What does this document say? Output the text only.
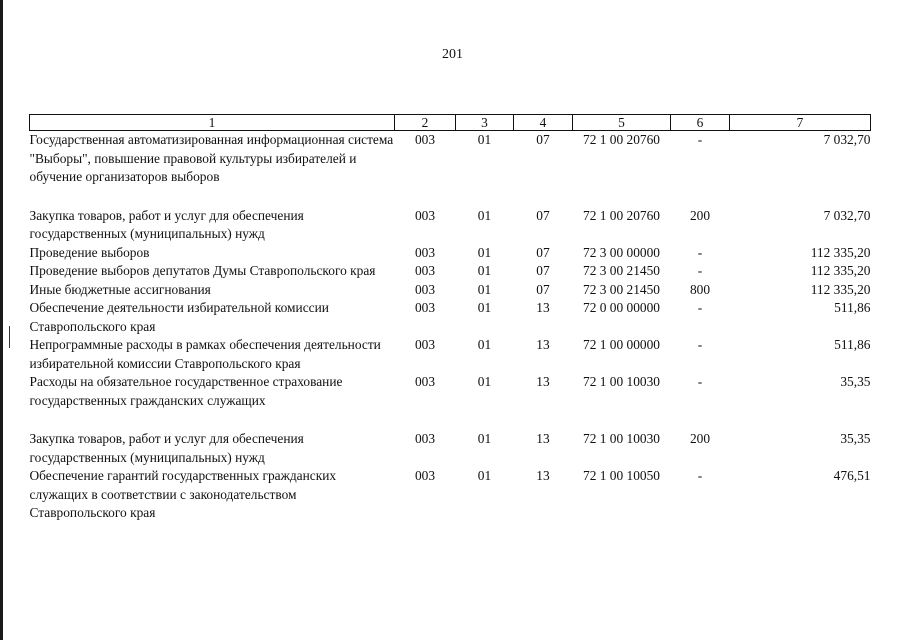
201
1	2	3	4	5	6	7
Государственная автоматизированная информационная система "Выборы", повышение правовой культуры избирателей и обучение организаторов выборов	003	01	07	72 1 00 20760	-	7 032,70

Закупка товаров, работ и услуг для обеспечения государственных (муниципальных) нужд	003	01	07	72 1 00 20760	200	7 032,70
Проведение выборов	003	01	07	72 3 00 00000	-	112 335,20
Проведение выборов депутатов Думы Ставропольского края	003	01	07	72 3 00 21450	-	112 335,20
Иные бюджетные ассигнования	003	01	07	72 3 00 21450	800	112 335,20
Обеспечение деятельности избирательной комиссии Ставропольского края	003	01	13	72 0 00 00000	-	511,86
Непрограммные расходы в рамках обеспечения деятельности избирательной комиссии Ставропольского края	003	01	13	72 1 00 00000	-	511,86
Расходы на обязательное государственное страхование государственных гражданских служащих	003	01	13	72 1 00 10030	-	35,35

Закупка товаров, работ и услуг для обеспечения государственных (муниципальных) нужд	003	01	13	72 1 00 10030	200	35,35
Обеспечение гарантий государственных гражданских служащих в соответствии с законодательством Ставропольского края	003	01	13	72 1 00 10050	-	476,51
